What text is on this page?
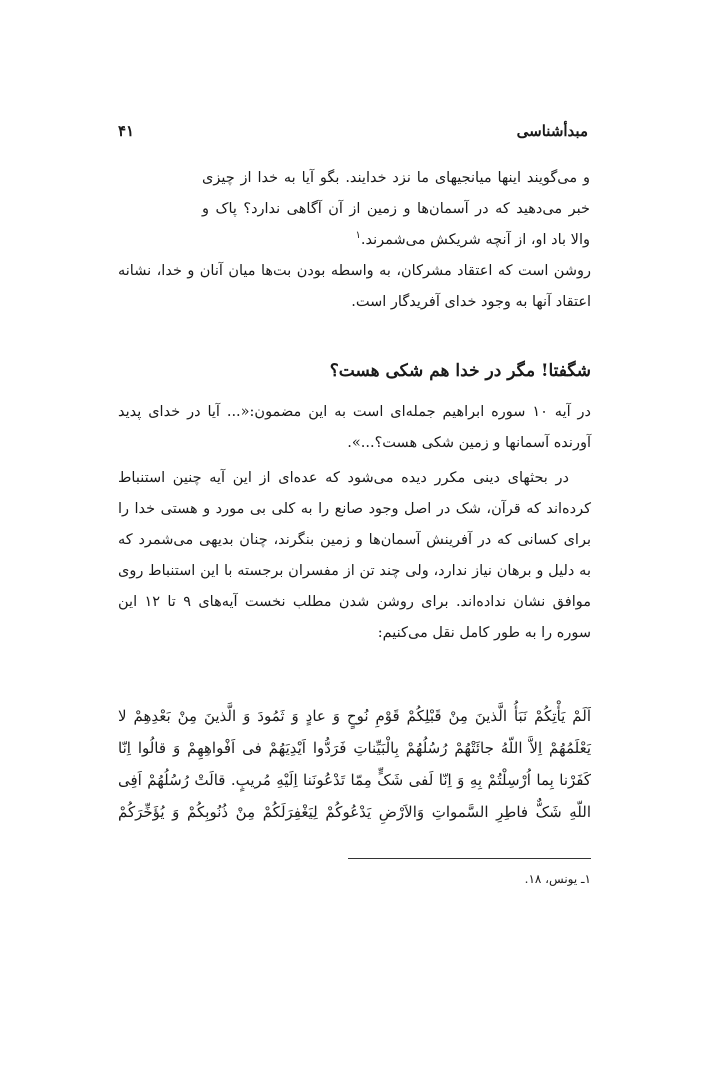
مبدأشناسی
۴۱
و می‌گویند اینها میانجیهای ما نزد خدایند. بگو آیا به خدا از چیزی خبر می‌دهید که در آسمان‌ها و زمین از آن آگاهی ندارد؟ پاک و والا باد او، از آنچه شریکش می‌شمرند.$^۱$
روشن است که اعتقاد مشرکان، به واسطه بودن بت‌ها میان آنان و خدا، نشانه اعتقاد آنها به وجود خدای آفریدگار است.
شگفتا! مگر در خدا هم شکی هست؟
در آیه ۱۰ سوره ابراهیم جمله‌ای است به این مضمون:«... آیا در خدای پدید آورنده آسمانها و زمین شکی هست؟...».
در بحثهای دینی مکرر دیده می‌شود که عده‌ای از این آیه چنین استنباط کرده‌اند که قرآن، شک در اصل وجود صانع را به کلی بی مورد و هستی خدا را برای کسانی که در آفرینش آسمان‌ها و زمین بنگرند، چنان بدیهی می‌شمرد که به دلیل و برهان نیاز ندارد، ولی چند تن از مفسران برجسته با این استنباط روی موافق نشان نداده‌اند. برای روشن شدن مطلب نخست آیه‌های ۹ تا ۱۲ این سوره را به طور کامل نقل می‌کنیم:
اَلَمْ یَأْتِکُمْ نَبَأُ الَّذینَ مِنْ قَبْلِکُمْ قَوْمِ نُوحٍ وَ عادٍ وَ ثَمُودَ وَ الَّذینَ مِنْ بَعْدِهِمْ لا یَعْلَمُهُمْ اِلاَّ اللّهُ جائَتْهُمْ رُسُلُهُمْ بِالْبَیِّناتِ فَرَدُّوا اَیْدِیَهُمْ فی اَفْواهِهِمْ وَ قالُوا اِنّا کَفَرْنا بِما اُرْسِلْتُمْ بِهِ وَ اِنّا لَفی شَکٍّ مِمّا تَدْعُونَنا اِلَیْهِ مُریبٍ. قالَتْ رُسُلُهُمْ اَفِی اللّهِ شَکٌّ فاطِرِ السَّمواتِ وَالاَرْضِ یَدْعُوکُمْ لِیَغْفِرَلَکُمْ مِنْ ذُنُوبِکُمْ وَ یُؤَخِّرَکُمْ
۱ـ یونس، ۱۸.
